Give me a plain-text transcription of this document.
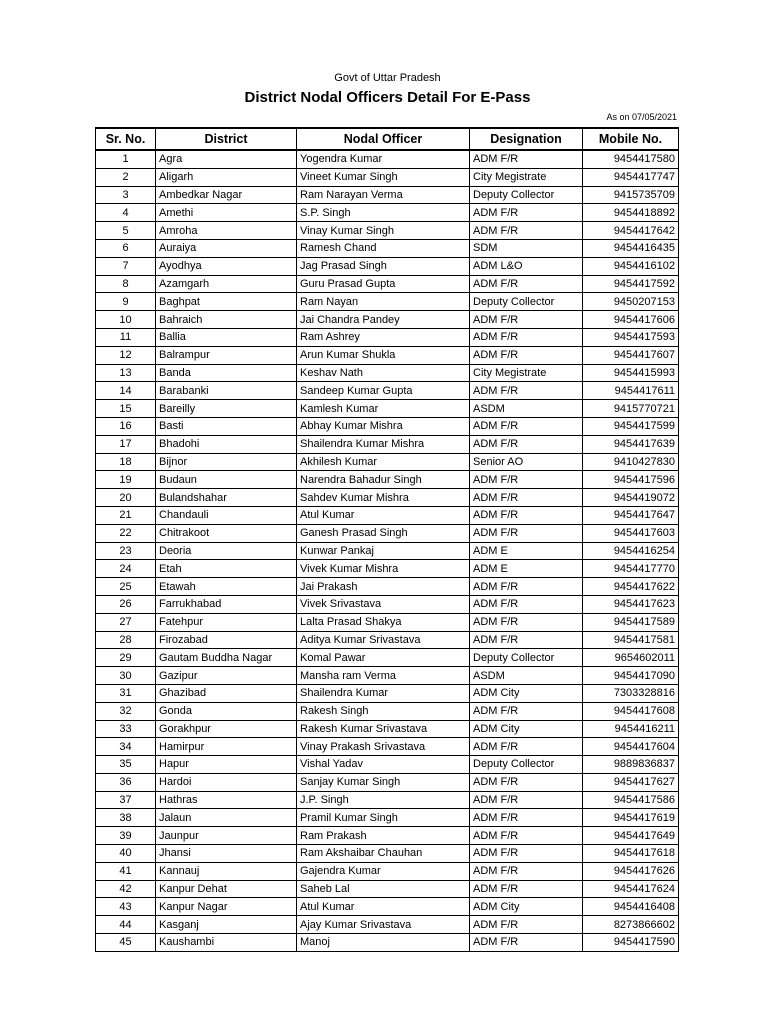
Govt of Uttar Pradesh
District Nodal Officers Detail For E-Pass
As on 07/05/2021
Sr. No.	District	Nodal Officer	Designation	Mobile No.
1	Agra	Yogendra Kumar	ADM F/R	9454417580
2	Aligarh	Vineet Kumar Singh	City Megistrate	9454417747
3	Ambedkar Nagar	Ram Narayan Verma	Deputy Collector	9415735709
4	Amethi	S.P. Singh	ADM F/R	9454418892
5	Amroha	Vinay Kumar Singh	ADM F/R	9454417642
6	Auraiya	Ramesh Chand	SDM	9454416435
7	Ayodhya	Jag Prasad Singh	ADM L&O	9454416102
8	Azamgarh	Guru Prasad Gupta	ADM F/R	9454417592
9	Baghpat	Ram Nayan	Deputy Collector	9450207153
10	Bahraich	Jai Chandra Pandey	ADM F/R	9454417606
11	Ballia	Ram Ashrey	ADM F/R	9454417593
12	Balrampur	Arun Kumar Shukla	ADM F/R	9454417607
13	Banda	Keshav Nath	City Megistrate	9454415993
14	Barabanki	Sandeep Kumar Gupta	ADM F/R	9454417611
15	Bareilly	Kamlesh Kumar	ASDM	9415770721
16	Basti	Abhay Kumar Mishra	ADM F/R	9454417599
17	Bhadohi	Shailendra Kumar Mishra	ADM F/R	9454417639
18	Bijnor	Akhilesh Kumar	Senior AO	9410427830
19	Budaun	Narendra Bahadur Singh	ADM F/R	9454417596
20	Bulandshahar	Sahdev Kumar Mishra	ADM F/R	9454419072
21	Chandauli	Atul Kumar	ADM F/R	9454417647
22	Chitrakoot	Ganesh Prasad Singh	ADM F/R	9454417603
23	Deoria	Kunwar Pankaj	ADM E	9454416254
24	Etah	Vivek Kumar Mishra	ADM E	9454417770
25	Etawah	Jai Prakash	ADM F/R	9454417622
26	Farrukhabad	Vivek Srivastava	ADM F/R	9454417623
27	Fatehpur	Lalta Prasad Shakya	ADM F/R	9454417589
28	Firozabad	Aditya Kumar Srivastava	ADM F/R	9454417581
29	Gautam Buddha Nagar	Komal Pawar	Deputy Collector	9654602011
30	Gazipur	Mansha ram Verma	ASDM	9454417090
31	Ghazibad	Shailendra Kumar	ADM City	7303328816
32	Gonda	Rakesh Singh	ADM F/R	9454417608
33	Gorakhpur	Rakesh Kumar Srivastava	ADM City	9454416211
34	Hamirpur	Vinay Prakash Srivastava	ADM F/R	9454417604
35	Hapur	Vishal Yadav	Deputy Collector	9889836837
36	Hardoi	Sanjay Kumar Singh	ADM F/R	9454417627
37	Hathras	J.P. Singh	ADM F/R	9454417586
38	Jalaun	Pramil Kumar Singh	ADM F/R	9454417619
39	Jaunpur	Ram Prakash	ADM F/R	9454417649
40	Jhansi	Ram Akshaibar Chauhan	ADM F/R	9454417618
41	Kannauj	Gajendra Kumar	ADM F/R	9454417626
42	Kanpur Dehat	Saheb Lal	ADM F/R	9454417624
43	Kanpur Nagar	Atul Kumar	ADM City	9454416408
44	Kasganj	Ajay Kumar Srivastava	ADM F/R	8273866602
45	Kaushambi	Manoj	ADM F/R	9454417590
